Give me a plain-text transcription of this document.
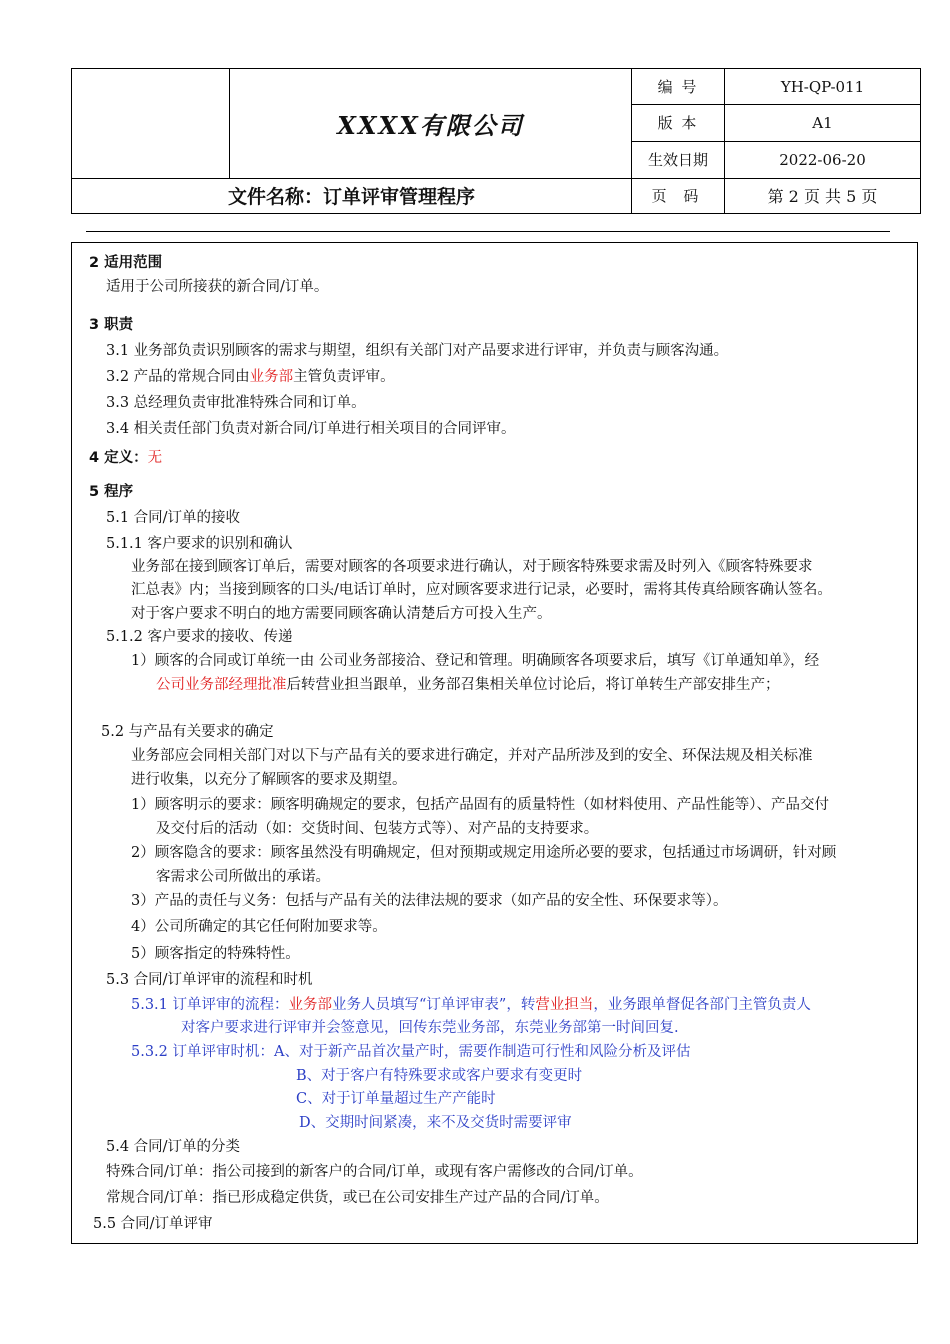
	XXXX有限公司	编 号	YH-QP-011
		版 本	A1
		生效日期	2022-06-20
文件名称：订单评审管理程序		页 码	第 2 页 共 5 页
2 适用范围
适用于公司所接获的新合同/订单。
3 职责
3.1 业务部负责识别顾客的需求与期望，组织有关部门对产品要求进行评审，并负责与顾客沟通。
3.2 产品的常规合同由业务部主管负责评审。
3.3 总经理负责审批准特殊合同和订单。
3.4 相关责任部门负责对新合同/订单进行相关项目的合同评审。
4 定义：无
5 程序
5.1 合同/订单的接收
5.1.1 客户要求的识别和确认
业务部在接到顾客订单后，需要对顾客的各项要求进行确认，对于顾客特殊要求需及时列入《顾客特殊要求
汇总表》内；当接到顾客的口头/电话订单时，应对顾客要求进行记录，必要时，需将其传真给顾客确认签名。
对于客户要求不明白的地方需要同顾客确认清楚后方可投入生产。
5.1.2 客户要求的接收、传递
1）顾客的合同或订单统一由 公司业务部接洽、登记和管理。明确顾客各项要求后，填写《订单通知单》，经
公司业务部经理批准后转营业担当跟单，业务部召集相关单位讨论后，将订单转生产部安排生产；
5.2 与产品有关要求的确定
业务部应会同相关部门对以下与产品有关的要求进行确定，并对产品所涉及到的安全、环保法规及相关标准
进行收集，以充分了解顾客的要求及期望。
1）顾客明示的要求：顾客明确规定的要求，包括产品固有的质量特性（如材料使用、产品性能等）、产品交付
及交付后的活动（如：交货时间、包装方式等）、对产品的支持要求。
2）顾客隐含的要求：顾客虽然没有明确规定，但对预期或规定用途所必要的要求，包括通过市场调研，针对顾
客需求公司所做出的承诺。
3）产品的责任与义务：包括与产品有关的法律法规的要求（如产品的安全性、环保要求等）。
4）公司所确定的其它任何附加要求等。
5）顾客指定的特殊特性。
5.3 合同/订单评审的流程和时机
5.3.1 订单评审的流程：业务部业务人员填写“订单评审表”，转营业担当，业务跟单督促各部门主管负责人
对客户要求进行评审并会签意见，回传东莞业务部，东莞业务部第一时间回复.
5.3.2 订单评审时机：A、对于新产品首次量产时，需要作制造可行性和风险分析及评估
B、对于客户有特殊要求或客户要求有变更时
C、对于订单量超过生产产能时
D、交期时间紧凑，来不及交货时需要评审
5.4 合同/订单的分类
特殊合同/订单：指公司接到的新客户的合同/订单，或现有客户需修改的合同/订单。
常规合同/订单：指已形成稳定供货，或已在公司安排生产过产品的合同/订单。
5.5 合同/订单评审
